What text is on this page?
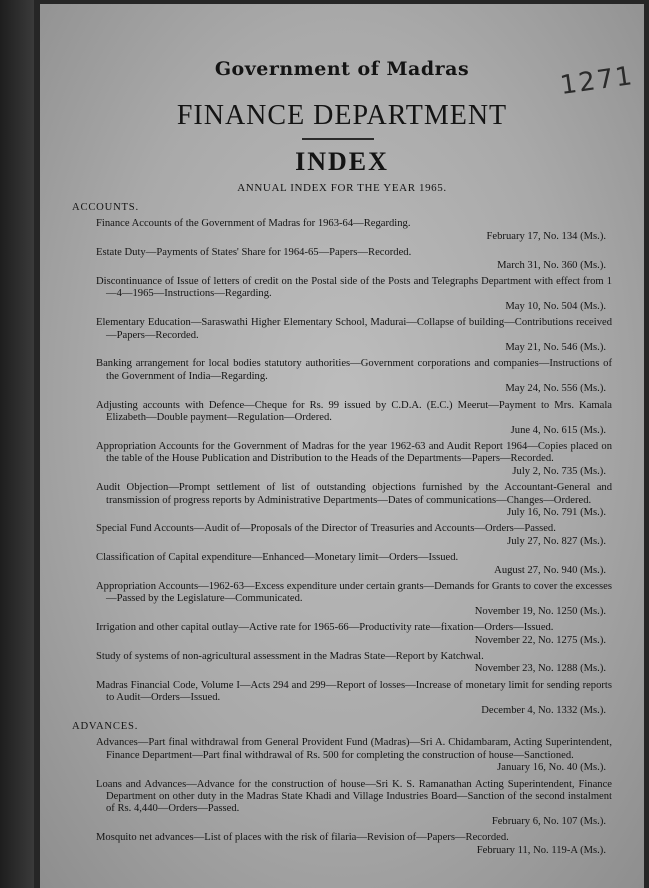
Government of Madras	1271
FINANCE DEPARTMENT
INDEX
ANNUAL INDEX FOR THE YEAR 1965.
ACCOUNTS.
Finance Accounts of the Government of Madras for 1963-64—Regarding.
February 17, No. 134 (Ms.).
Estate Duty—Payments of States' Share for 1964-65—Papers—Recorded.
March 31, No. 360 (Ms.).
Discontinuance of Issue of letters of credit on the Postal side of the Posts and Telegraphs Department with effect from 1—4—1965—Instructions—Regarding.
May 10, No. 504 (Ms.).
Elementary Education—Saraswathi Higher Elementary School, Madurai—Collapse of building—Contributions received—Papers—Recorded.
May 21, No. 546 (Ms.).
Banking arrangement for local bodies statutory authorities—Government corporations and companies—Instructions of the Government of India—Regarding.
May 24, No. 556 (Ms.).
Adjusting accounts with Defence—Cheque for Rs. 99 issued by C.D.A. (E.C.) Meerut—Payment to Mrs. Kamala Elizabeth—Double payment—Regulation—Ordered.
June 4, No. 615 (Ms.).
Appropriation Accounts for the Government of Madras for the year 1962-63 and Audit Report 1964—Copies placed on the table of the House Publication and Distribution to the Heads of the Departments—Papers—Recorded.
July 2, No. 735 (Ms.).
Audit Objection—Prompt settlement of list of outstanding objections furnished by the Accountant-General and transmission of progress reports by Administrative Departments—Dates of communications—Changes—Ordered.
July 16, No. 791 (Ms.).
Special Fund Accounts—Audit of—Proposals of the Director of Treasuries and Accounts—Orders—Passed.
July 27, No. 827 (Ms.).
Classification of Capital expenditure—Enhanced—Monetary limit—Orders—Issued.
August 27, No. 940 (Ms.).
Appropriation Accounts—1962-63—Excess expenditure under certain grants—Demands for Grants to cover the excesses—Passed by the Legislature—Communicated.
November 19, No. 1250 (Ms.).
Irrigation and other capital outlay—Active rate for 1965-66—Productivity rate—fixation—Orders—Issued.
November 22, No. 1275 (Ms.).
Study of systems of non-agricultural assessment in the Madras State—Report by Katchwal.
November 23, No. 1288 (Ms.).
Madras Financial Code, Volume I—Acts 294 and 299—Report of losses—Increase of monetary limit for sending reports to Audit—Orders—Issued.
December 4, No. 1332 (Ms.).
ADVANCES.
Advances—Part final withdrawal from General Provident Fund (Madras)—Sri A. Chidambaram, Acting Superintendent, Finance Department—Part final withdrawal of Rs. 500 for completing the construction of house—Sanctioned.
January 16, No. 40 (Ms.).
Loans and Advances—Advance for the construction of house—Sri K. S. Ramanathan Acting Superintendent, Finance Department on other duty in the Madras State Khadi and Village Industries Board—Sanction of the second instalment of Rs. 4,440—Orders—Passed.
February 6, No. 107 (Ms.).
Mosquito net advances—List of places with the risk of filaria—Revision of—Papers—Recorded.
February 11, No. 119-A (Ms.).
